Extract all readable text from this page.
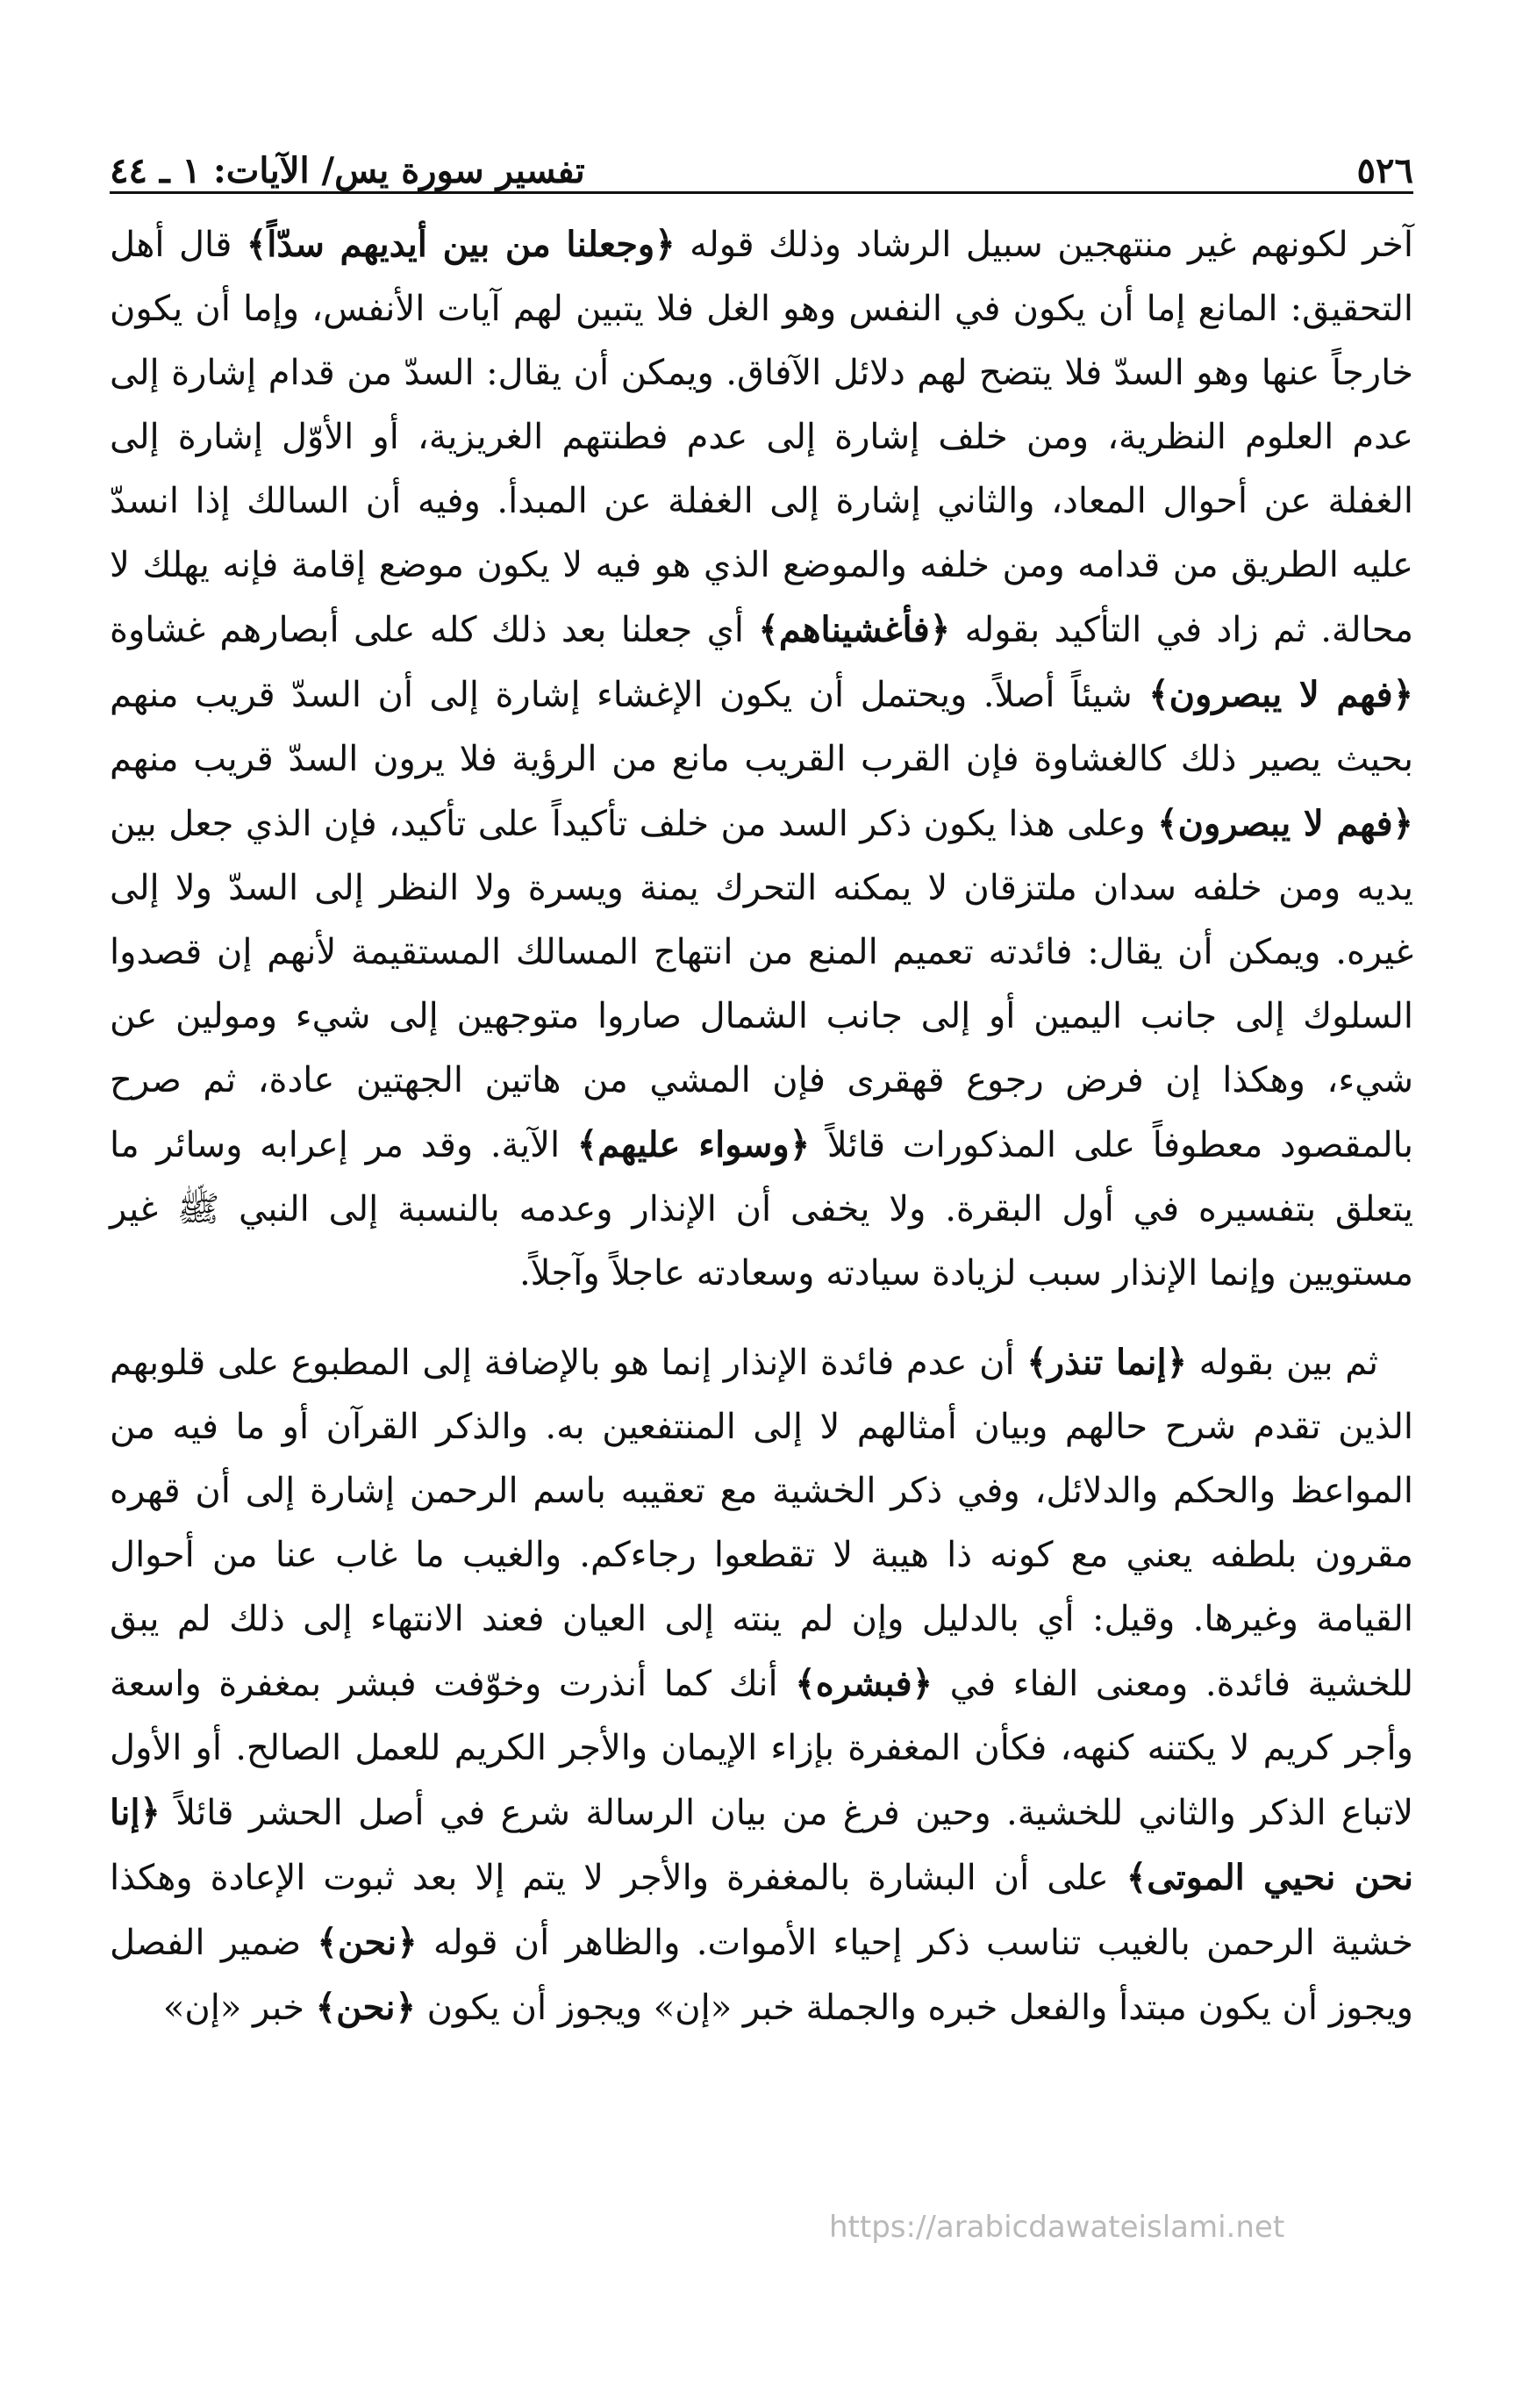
٥٢٦
تفسير سورة يس/ الآيات: ١ ـ ٤٤

آخر لكونهم غير منتهجين سبيل الرشاد وذلك قوله ﴿وجعلنا من بين أيديهم سدّاً﴾ قال أهل التحقيق: المانع إما أن يكون في النفس وهو الغل فلا يتبين لهم آيات الأنفس، وإما أن يكون خارجاً عنها وهو السدّ فلا يتضح لهم دلائل الآفاق. ويمكن أن يقال: السدّ من قدام إشارة إلى عدم العلوم النظرية، ومن خلف إشارة إلى عدم فطنتهم الغريزية، أو الأوّل إشارة إلى الغفلة عن أحوال المعاد، والثاني إشارة إلى الغفلة عن المبدأ. وفيه أن السالك إذا انسدّ عليه الطريق من قدامه ومن خلفه والموضع الذي هو فيه لا يكون موضع إقامة فإنه يهلك لا محالة. ثم زاد في التأكيد بقوله ﴿فأغشيناهم﴾ أي جعلنا بعد ذلك كله على أبصارهم غشاوة ﴿فهم لا يبصرون﴾ شيئاً أصلاً. ويحتمل أن يكون الإغشاء إشارة إلى أن السدّ قريب منهم بحيث يصير ذلك كالغشاوة فإن القرب القريب مانع من الرؤية فلا يرون السدّ قريب منهم ﴿فهم لا يبصرون﴾ وعلى هذا يكون ذكر السد من خلف تأكيداً على تأكيد، فإن الذي جعل بين يديه ومن خلفه سدان ملتزقان لا يمكنه التحرك يمنة ويسرة ولا النظر إلى السدّ ولا إلى غيره. ويمكن أن يقال: فائدته تعميم المنع من انتهاج المسالك المستقيمة لأنهم إن قصدوا السلوك إلى جانب اليمين أو إلى جانب الشمال صاروا متوجهين إلى شيء ومولين عن شيء، وهكذا إن فرض رجوع قهقرى فإن المشي من هاتين الجهتين عادة، ثم صرح بالمقصود معطوفاً على المذكورات قائلاً ﴿وسواء عليهم﴾ الآية. وقد مر إعرابه وسائر ما يتعلق بتفسيره في أول البقرة. ولا يخفى أن الإنذار وعدمه بالنسبة إلى النبي ﷺ غير مستويين وإنما الإنذار سبب لزيادة سيادته وسعادته عاجلاً وآجلاً.

ثم بين بقوله ﴿إنما تنذر﴾ أن عدم فائدة الإنذار إنما هو بالإضافة إلى المطبوع على قلوبهم الذين تقدم شرح حالهم وبيان أمثالهم لا إلى المنتفعين به. والذكر القرآن أو ما فيه من المواعظ والحكم والدلائل، وفي ذكر الخشية مع تعقيبه باسم الرحمن إشارة إلى أن قهره مقرون بلطفه يعني مع كونه ذا هيبة لا تقطعوا رجاءكم. والغيب ما غاب عنا من أحوال القيامة وغيرها. وقيل: أي بالدليل وإن لم ينته إلى العيان فعند الانتهاء إلى ذلك لم يبق للخشية فائدة. ومعنى الفاء في ﴿فبشره﴾ أنك كما أنذرت وخوّفت فبشر بمغفرة واسعة وأجر كريم لا يكتنه كنهه، فكأن المغفرة بإزاء الإيمان والأجر الكريم للعمل الصالح. أو الأول لاتباع الذكر والثاني للخشية. وحين فرغ من بيان الرسالة شرع في أصل الحشر قائلاً ﴿إنا نحن نحيي الموتى﴾ على أن البشارة بالمغفرة والأجر لا يتم إلا بعد ثبوت الإعادة وهكذا خشية الرحمن بالغيب تناسب ذكر إحياء الأموات. والظاهر أن قوله ﴿نحن﴾ ضمير الفصل ويجوز أن يكون مبتدأ والفعل خبره والجملة خبر «إن» ويجوز أن يكون ﴿نحن﴾ خبر «إن»

https://arabicdawateislami.net
